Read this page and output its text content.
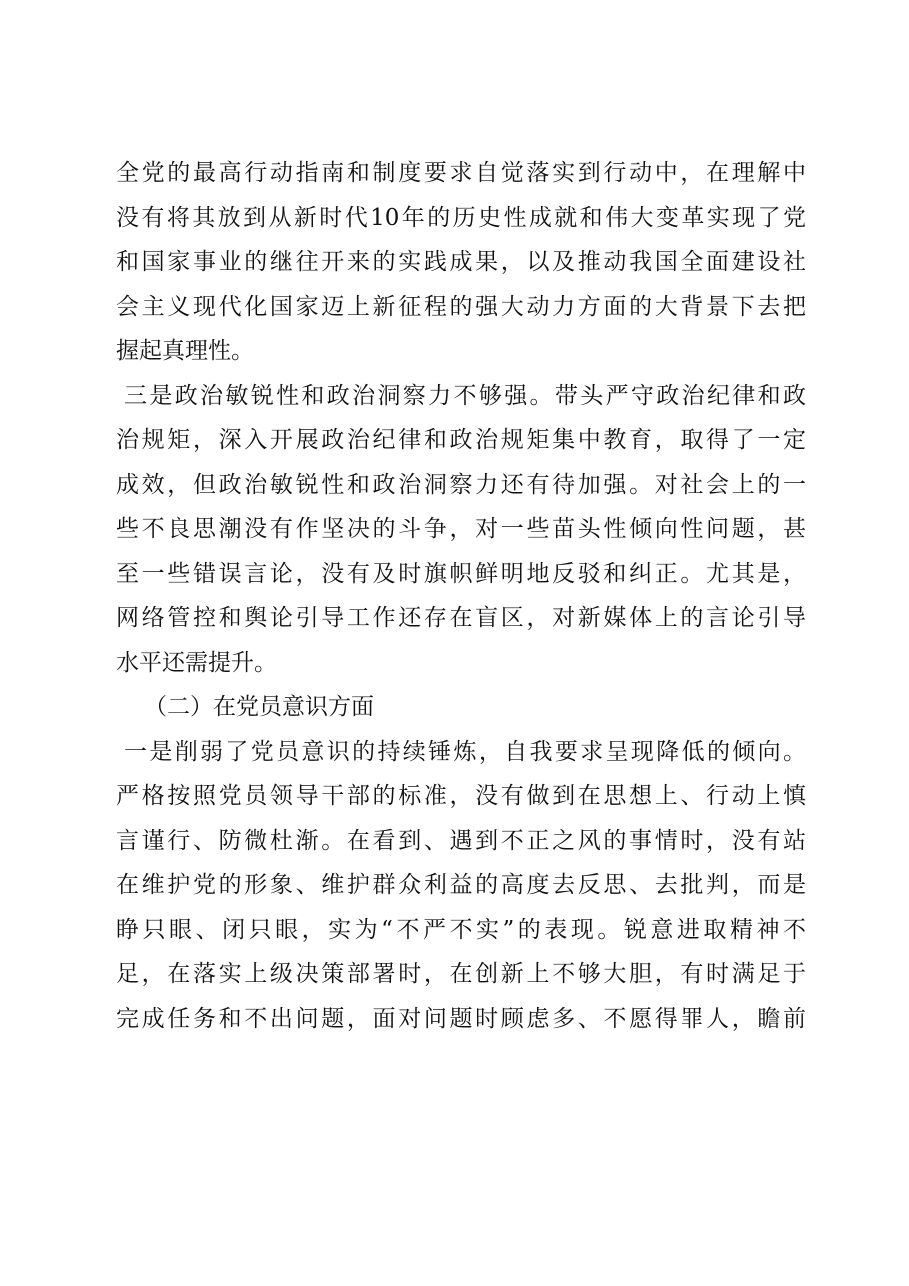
全党的最高行动指南和制度要求自觉落实到行动中，在理解中
没有将其放到从新时代10年的历史性成就和伟大变革实现了党
和国家事业的继往开来的实践成果，以及推动我国全面建设社
会主义现代化国家迈上新征程的强大动力方面的大背景下去把
握起真理性。
三是政治敏锐性和政治洞察力不够强。带头严守政治纪律和政
治规矩，深入开展政治纪律和政治规矩集中教育，取得了一定
成效，但政治敏锐性和政治洞察力还有待加强。对社会上的一
些不良思潮没有作坚决的斗争，对一些苗头性倾向性问题，甚
至一些错误言论，没有及时旗帜鲜明地反驳和纠正。尤其是，
网络管控和舆论引导工作还存在盲区，对新媒体上的言论引导
水平还需提升。
（二）在党员意识方面
一是削弱了党员意识的持续锤炼，自我要求呈现降低的倾向。
严格按照党员领导干部的标准，没有做到在思想上、行动上慎
言谨行、防微杜渐。在看到、遇到不正之风的事情时，没有站
在维护党的形象、维护群众利益的高度去反思、去批判，而是
睁只眼、闭只眼，实为“不严不实”的表现。锐意进取精神不
足，在落实上级决策部署时，在创新上不够大胆，有时满足于
完成任务和不出问题，面对问题时顾虑多、不愿得罪人，瞻前
